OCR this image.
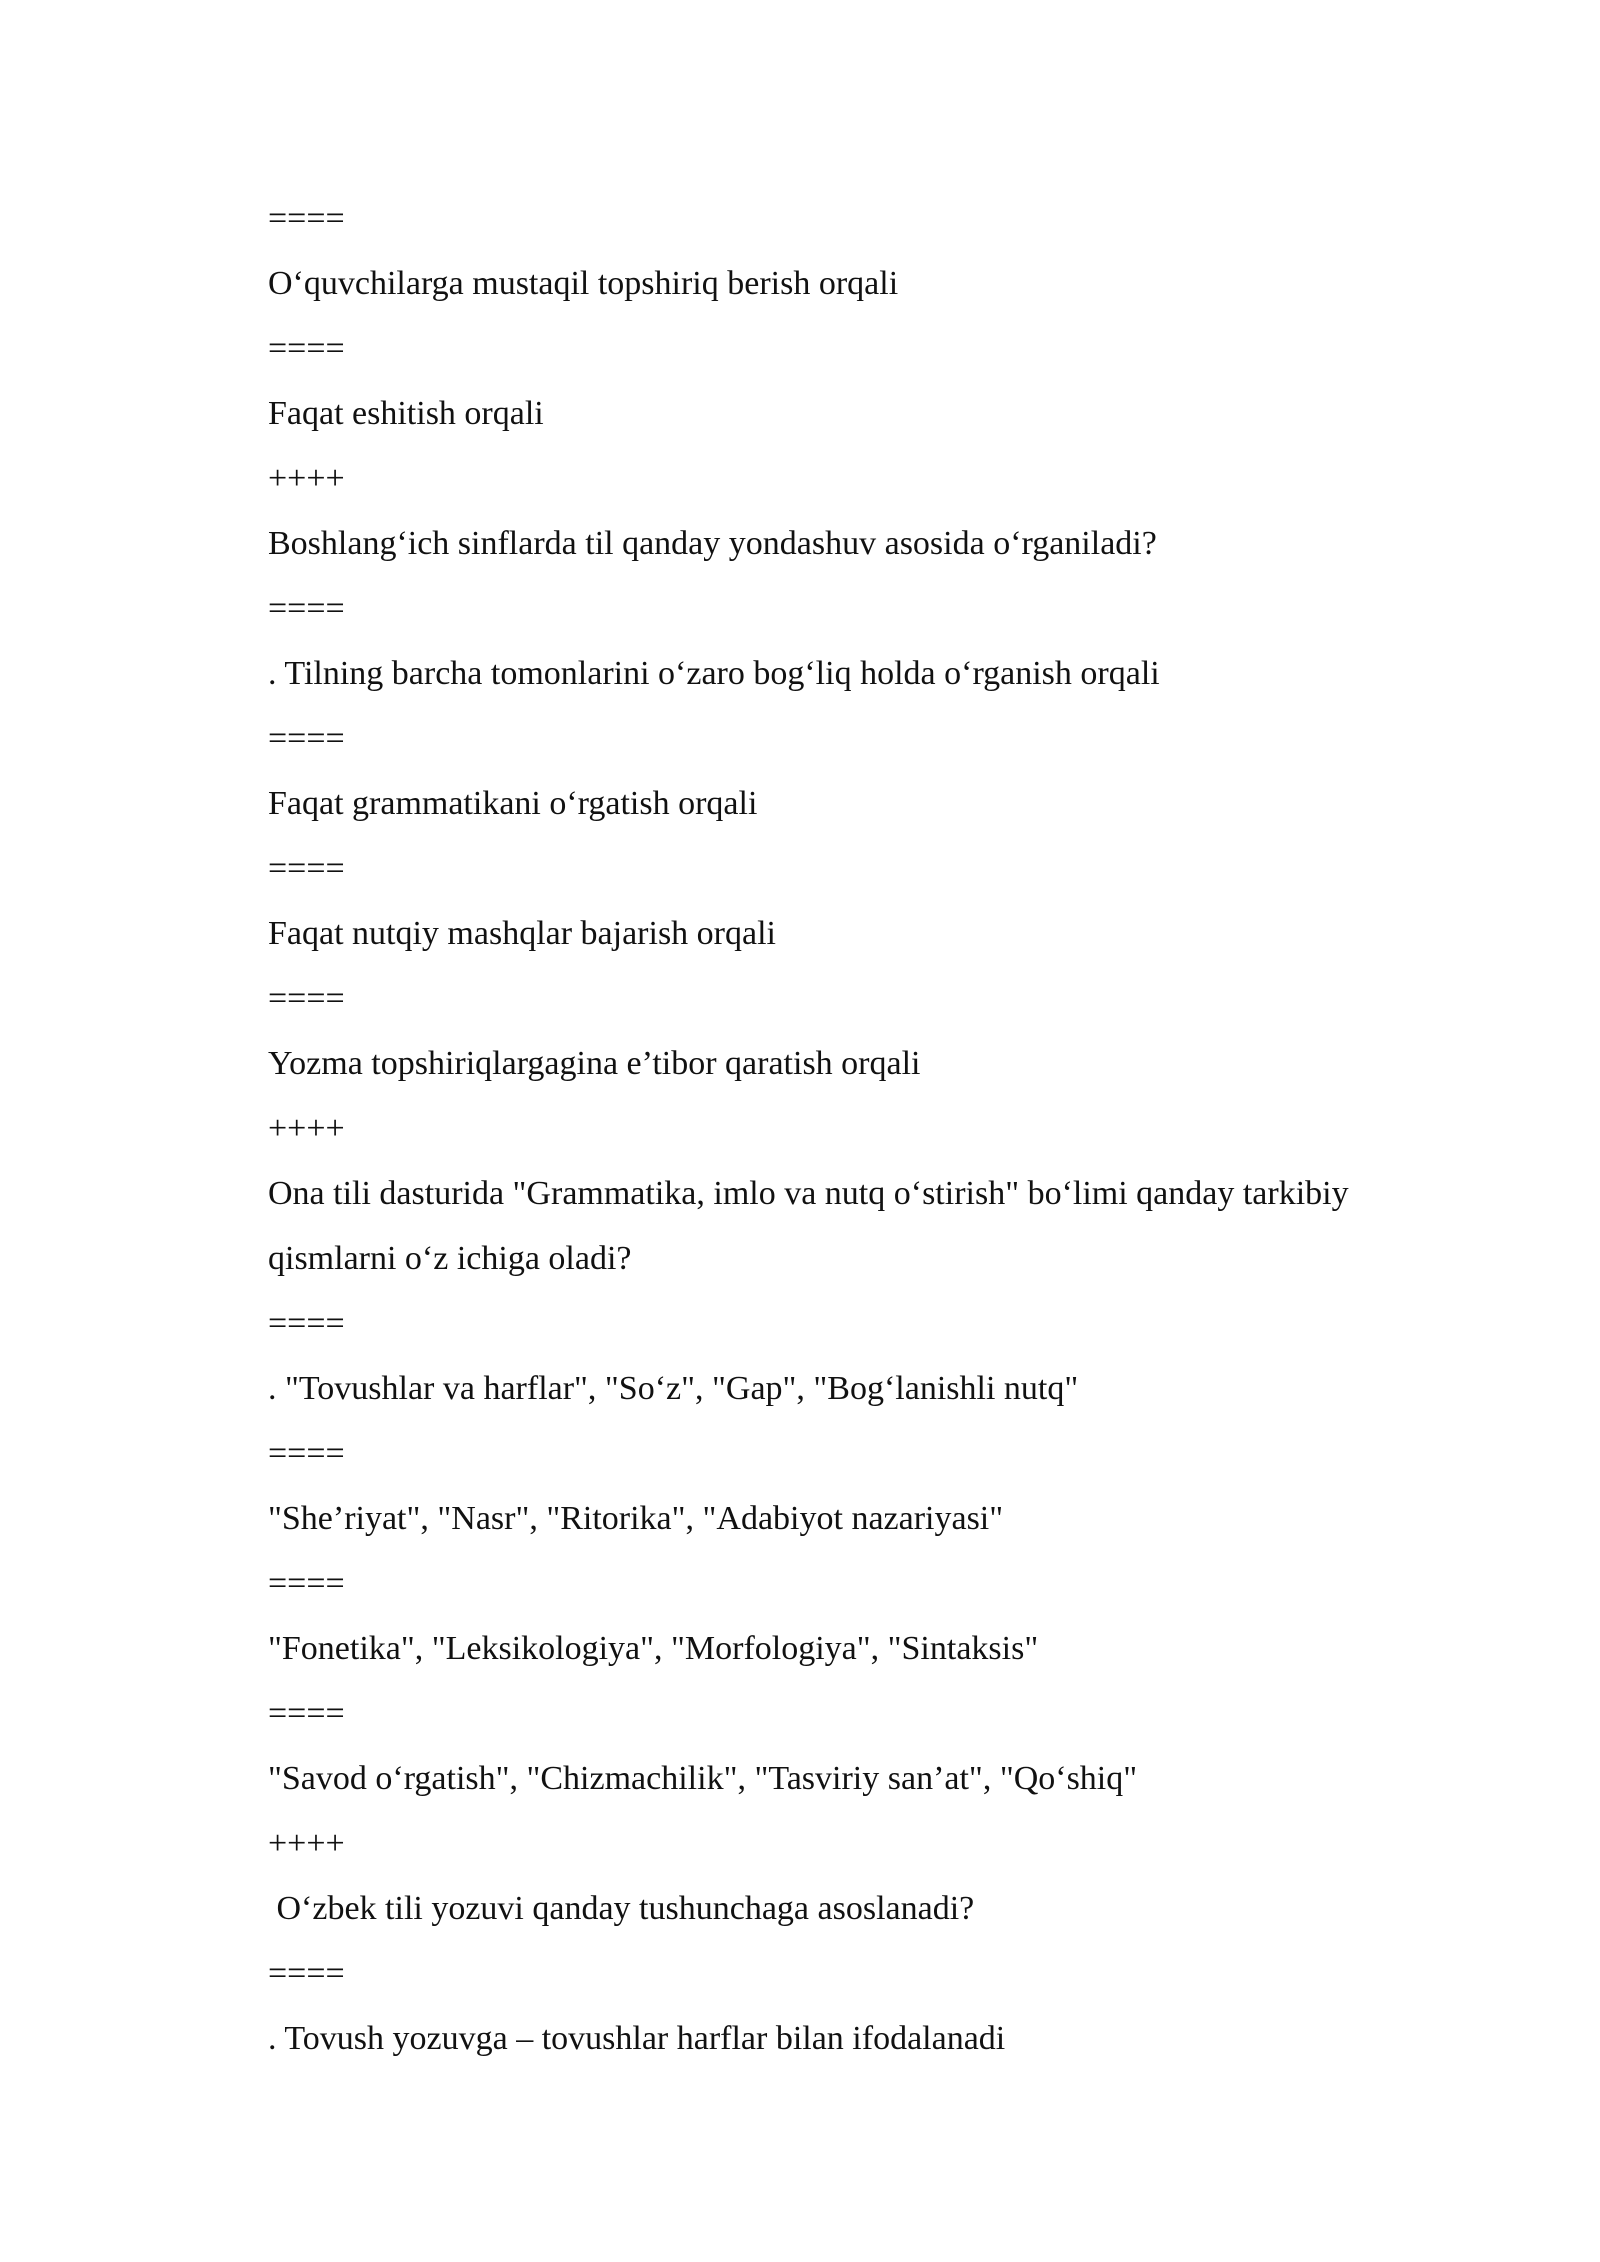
====
O‘quvchilarga mustaqil topshiriq berish orqali
====
Faqat eshitish orqali
++++
Boshlang‘ich sinflarda til qanday yondashuv asosida o‘rganiladi?
====
. Tilning barcha tomonlarini o‘zaro bog‘liq holda o‘rganish orqali
====
Faqat grammatikani o‘rgatish orqali
====
Faqat nutqiy mashqlar bajarish orqali
====
Yozma topshiriqlargagina e’tibor qaratish orqali
++++
Ona tili dasturida "Grammatika, imlo va nutq o‘stirish" bo‘limi qanday tarkibiy
qismlarni o‘z ichiga oladi?
====
. "Tovushlar va harflar", "So‘z", "Gap", "Bog‘lanishli nutq"
====
"She’riyat", "Nasr", "Ritorika", "Adabiyot nazariyasi"
====
"Fonetika", "Leksikologiya", "Morfologiya", "Sintaksis"
====
"Savod o‘rgatish", "Chizmachilik", "Tasviriy san’at", "Qo‘shiq"
++++
O‘zbek tili yozuvi qanday tushunchaga asoslanadi?
====
. Tovush yozuvga – tovushlar harflar bilan ifodalanadi
